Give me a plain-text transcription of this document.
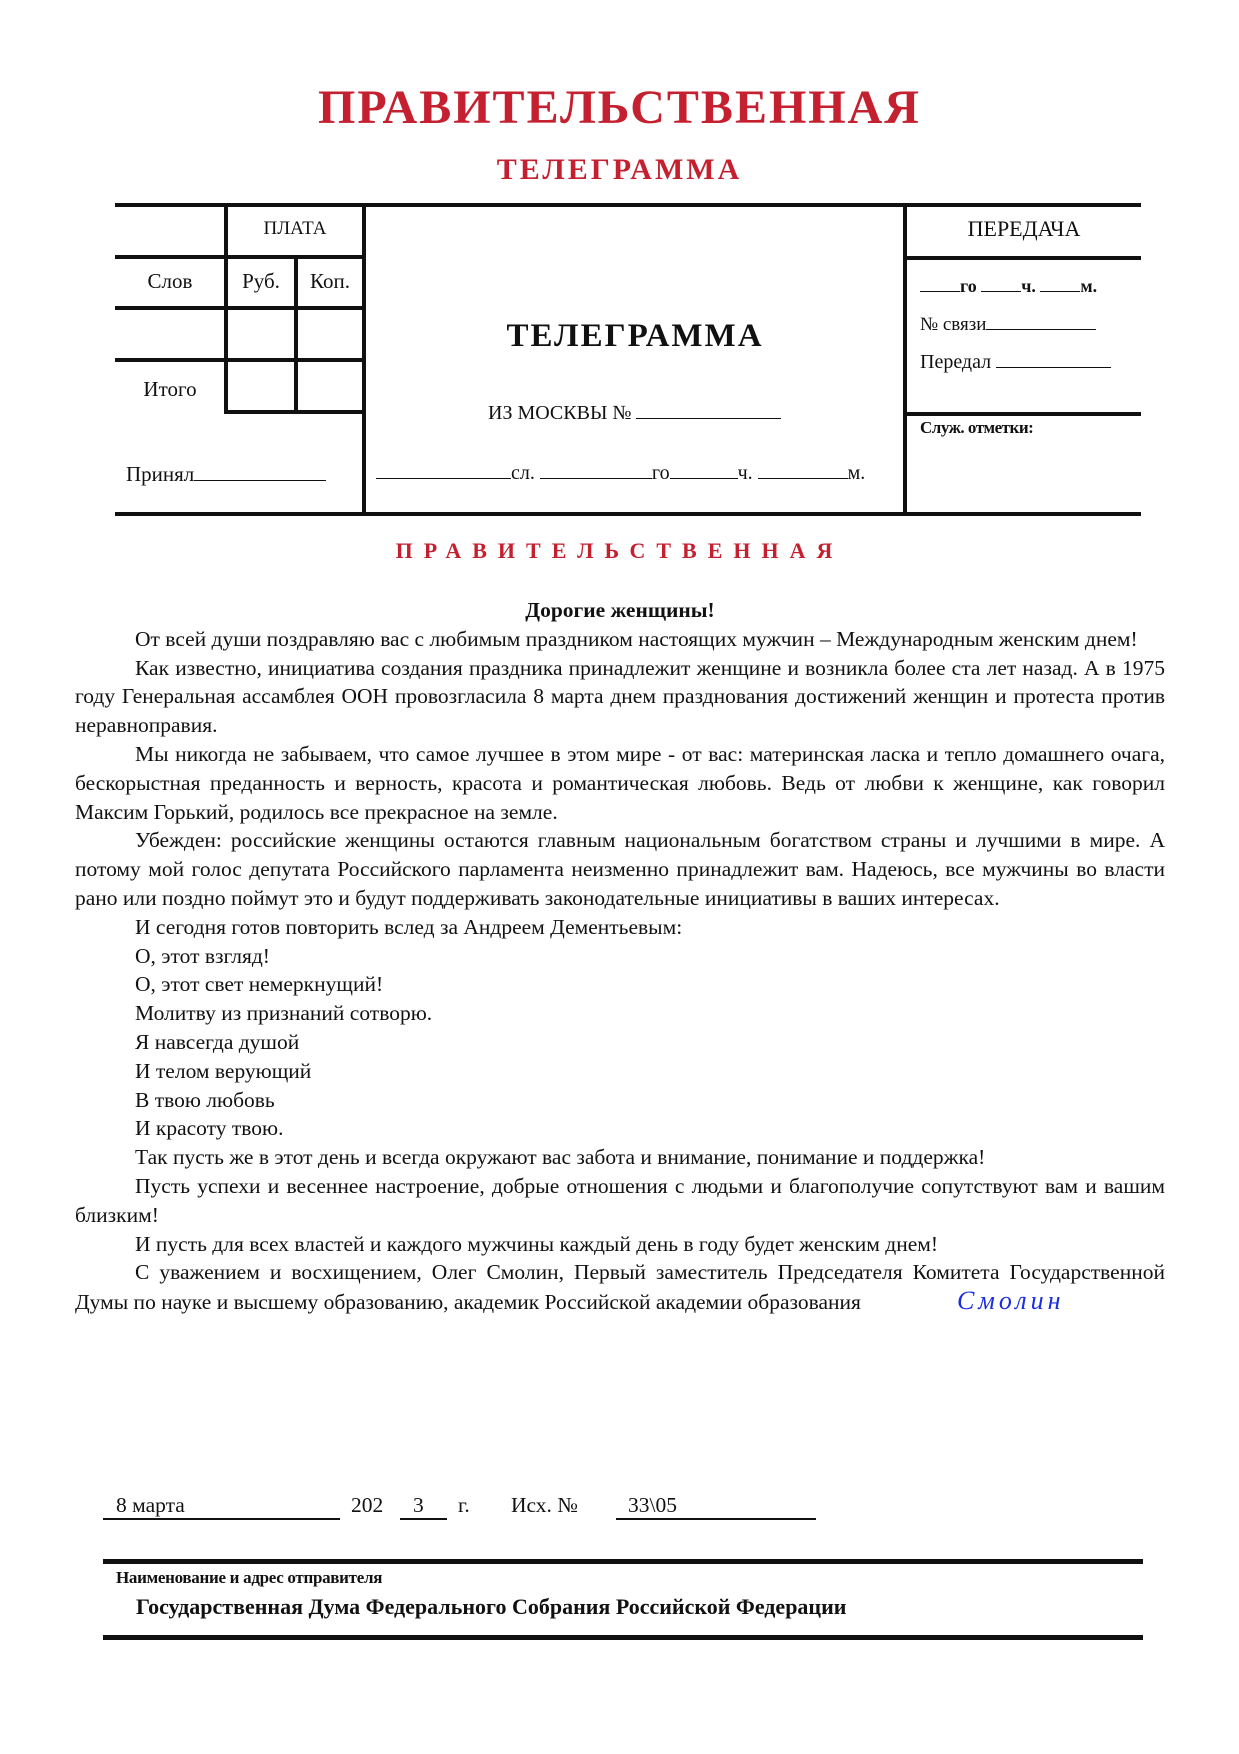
ПРАВИТЕЛЬСТВЕННАЯ
ТЕЛЕГРАММА
ПЛАТА
Слов	Руб.	Коп.
Итого
Принял
ТЕЛЕГРАММА
ИЗ МОСКВЫ №
сл.	го	ч.	м.
ПЕРЕДАЧА
го ч. м.
№ связи
Передал
Служ. отметки:
ПРАВИТЕЛЬСТВЕННАЯ

Дорогие женщины!

От всей души поздравляю вас с любимым праздником настоящих мужчин – Международным женским днем!

Как известно, инициатива создания праздника принадлежит женщине и возникла более ста лет назад. А в 1975 году Генеральная ассамблея ООН провозгласила 8 марта днем празднования достижений женщин и протеста против неравноправия.

Мы никогда не забываем, что самое лучшее в этом мире - от вас: материнская ласка и тепло домашнего очага, бескорыстная преданность и верность, красота и романтическая любовь. Ведь от любви к женщине, как говорил Максим Горький, родилось все прекрасное на земле.

Убежден: российские женщины остаются главным национальным богатством страны и лучшими в мире. А потому мой голос депутата Российского парламента неизменно принадлежит вам. Надеюсь, все мужчины во власти рано или поздно поймут это и будут поддерживать законодательные инициативы в ваших интересах.

И сегодня готов повторить вслед за Андреем Дементьевым:

О, этот взгляд!

О, этот свет немеркнущий!

Молитву из признаний сотворю.

Я навсегда душой

И телом верующий

В твою любовь

И красоту твою.

Так пусть же в этот день и всегда окружают вас забота и внимание, понимание и поддержка!

Пусть успехи и весеннее настроение, добрые отношения с людьми и благополучие сопутствуют вам и вашим близким!

И пусть для всех властей и каждого мужчины каждый день в году будет женским днем!

С уважением и восхищением, Олег Смолин, Первый заместитель Председателя Комитета Государственной Думы по науке и высшему образованию, академик Российской академии образования	Смолин

8 марта	202 3 г. Исх. № 33\05
Наименование и адрес отправителя
Государственная Дума Федерального Собрания Российской Федерации
